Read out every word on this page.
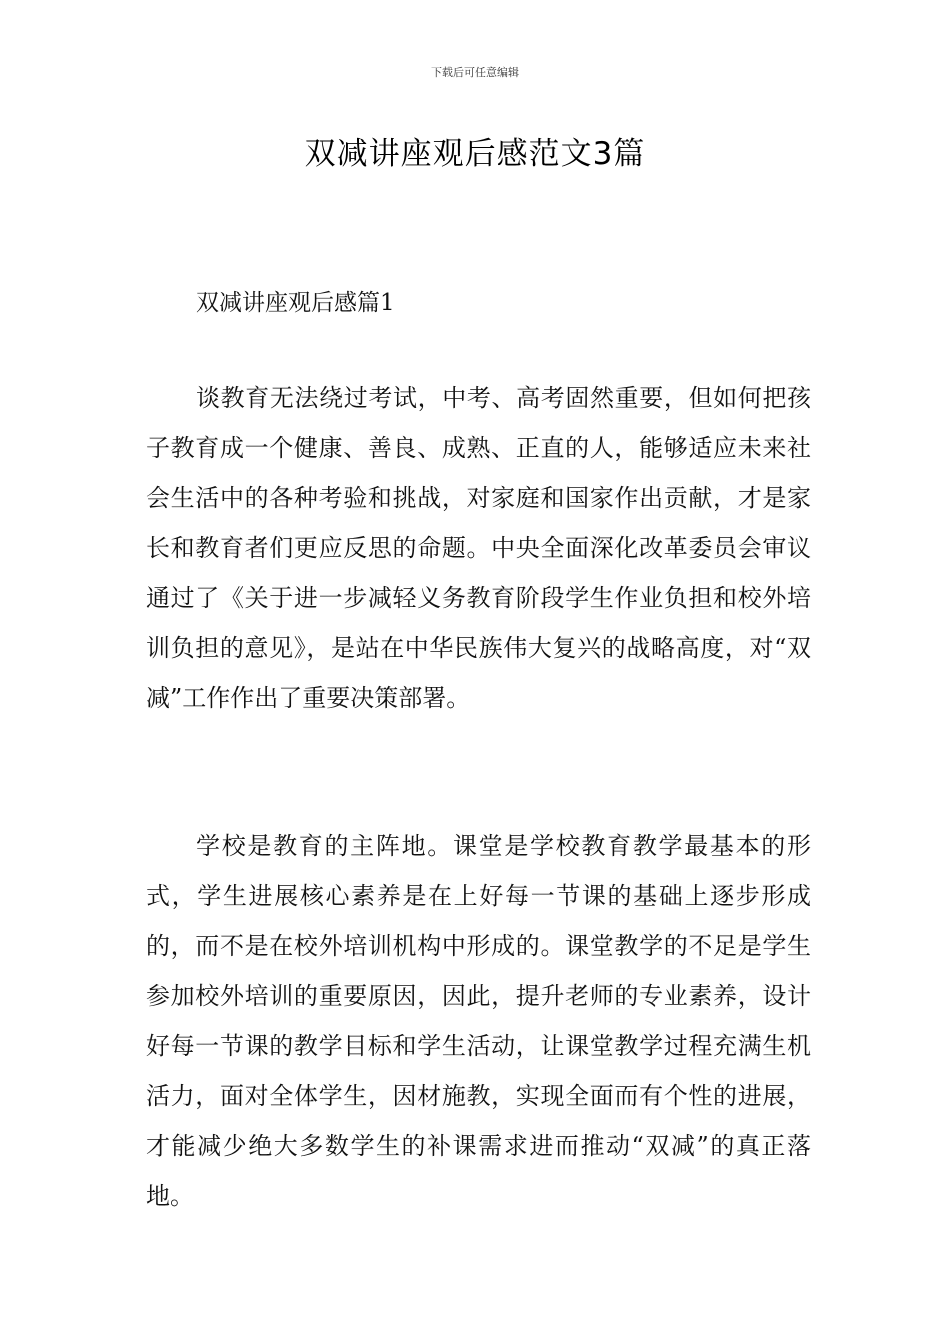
下载后可任意编辑
双减讲座观后感范文3篇
双减讲座观后感篇1
谈教育无法绕过考试，中考、高考固然重要，但如何把孩子教育成一个健康、善良、成熟、正直的人，能够适应未来社会生活中的各种考验和挑战，对家庭和国家作出贡献，才是家长和教育者们更应反思的命题。中央全面深化改革委员会审议通过了《关于进一步减轻义务教育阶段学生作业负担和校外培训负担的意见》，是站在中华民族伟大复兴的战略高度，对“双减”工作作出了重要决策部署。
学校是教育的主阵地。课堂是学校教育教学最基本的形式，学生进展核心素养是在上好每一节课的基础上逐步形成的，而不是在校外培训机构中形成的。课堂教学的不足是学生参加校外培训的重要原因，因此，提升老师的专业素养，设计好每一节课的教学目标和学生活动，让课堂教学过程充满生机活力，面对全体学生，因材施教，实现全面而有个性的进展，才能减少绝大多数学生的补课需求进而推动“双减”的真正落地。
